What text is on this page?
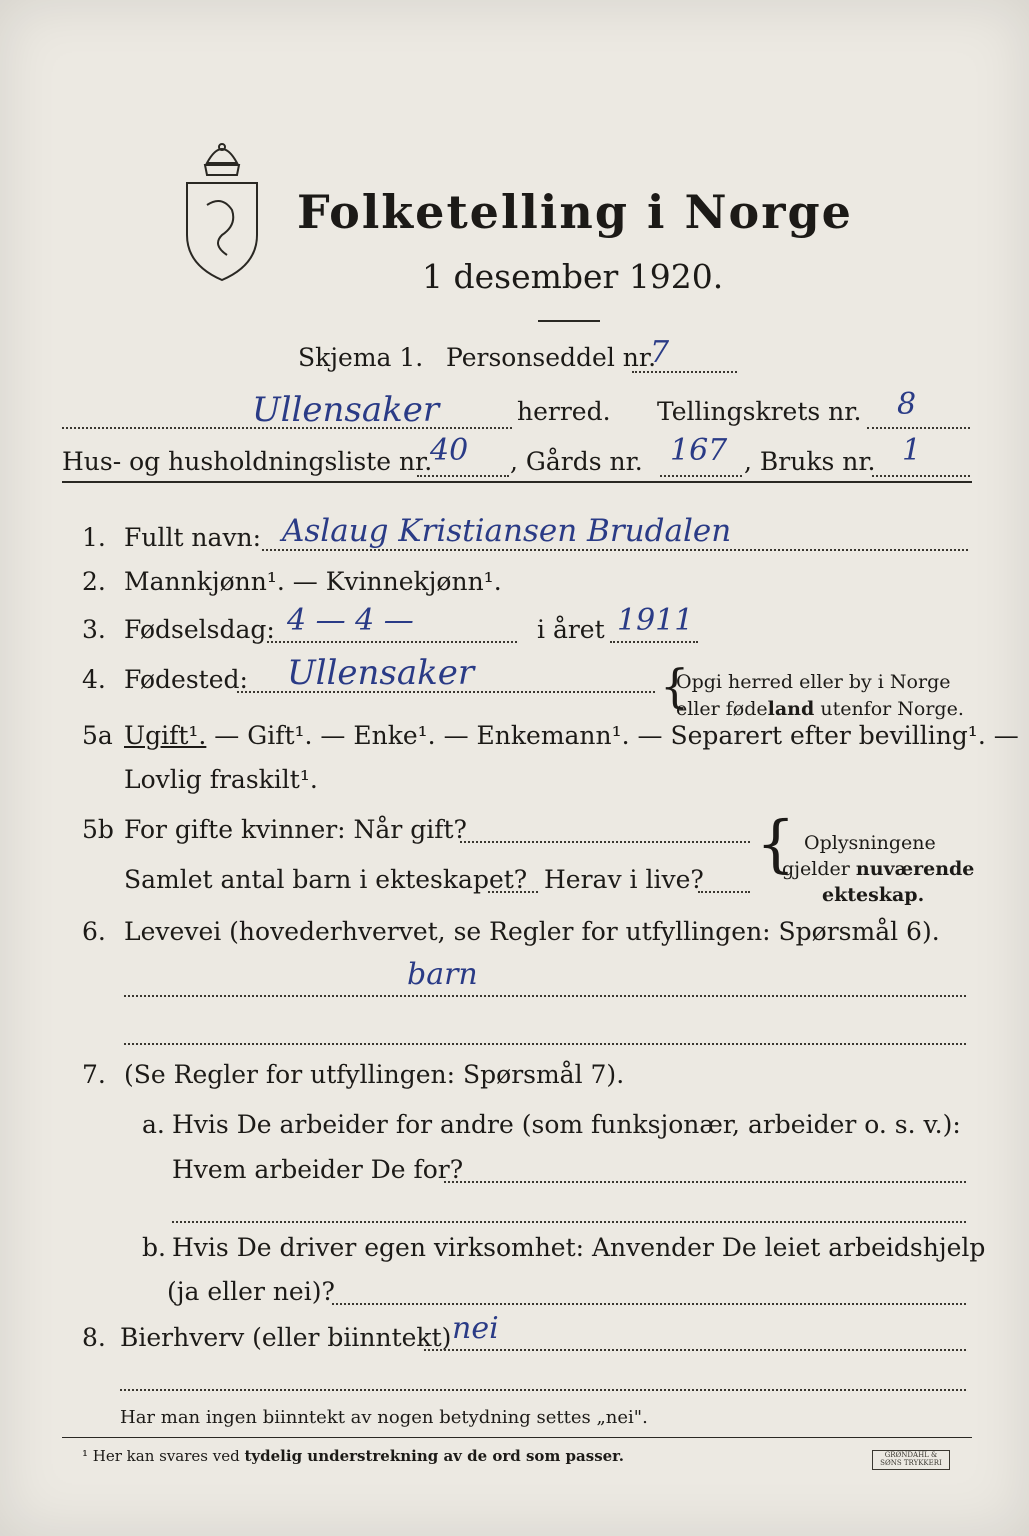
Folketelling i Norge
1 desember 1920.
Skjema 1. Personseddel nr.
7
Ullensaker	herred. Tellingskrets nr. 8
Hus- og husholdningsliste nr.
40 , Gårds nr. 167 , Bruks nr. 1
1. Fullt navn: Aslaug Kristiansen Brudalen
2. Mannkjønn¹. — Kvinnekjønn¹.
3. Fødselsdag: 4 — 4 —	i året 1911
4. Fødested: Ullensaker	{
Opgi herred eller by i Norge
eller fødeland utenfor Norge.
5a Ugift¹. — Gift¹. — Enke¹. — Enkemann¹. — Separert efter bevilling¹. —
Lovlig fraskilt¹.
5b For gifte kvinner: Når gift?
Samlet antal barn i ekteskapet? Herav i live? { Oplysningene
gjelder nuværende
ekteskap.
6. Levevei (hovederhvervet, se Regler for utfyllingen: Spørsmål 6).
barn
7. (Se Regler for utfyllingen: Spørsmål 7).
a. Hvis De arbeider for andre (som funksjonær, arbeider o. s. v.):
Hvem arbeider De for?
b. Hvis De driver egen virksomhet: Anvender De leiet arbeidshjelp
(ja eller nei)?
8. Bierhverv (eller biinntekt) nei
Har man ingen biinntekt av nogen betydning settes „nei".
¹ Her kan svares ved tydelig understrekning av de ord som passer.	GRØNDAHL & SØNS TRYKKERI
